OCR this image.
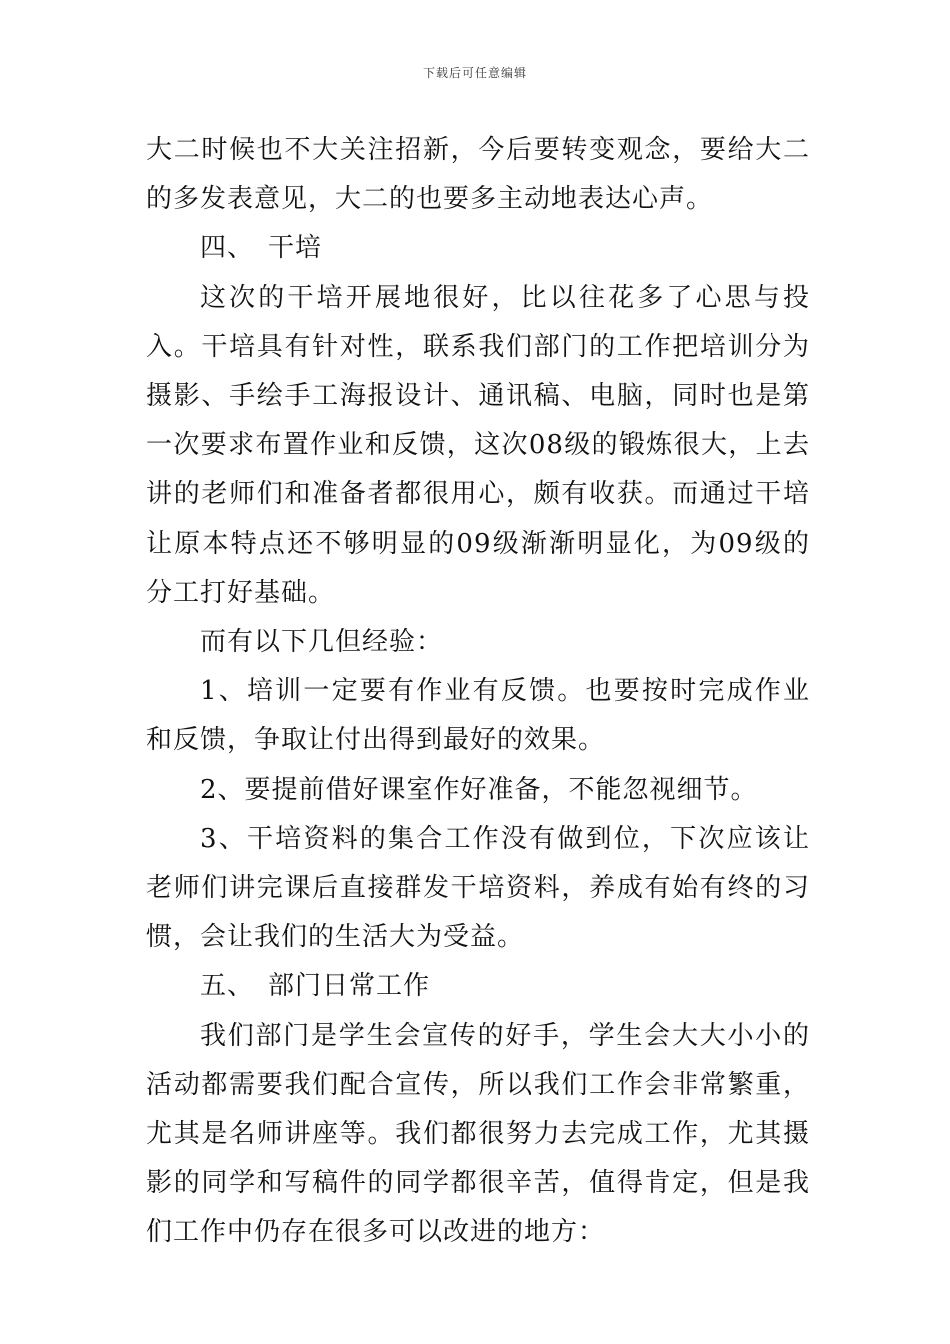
下载后可任意编辑

大二时候也不大关注招新，今后要转变观念，要给大二的多发表意见，大二的也要多主动地表达心声。

四、　干培

这次的干培开展地很好，比以往花多了心思与投入。干培具有针对性，联系我们部门的工作把培训分为摄影、手绘手工海报设计、通讯稿、电脑，同时也是第一次要求布置作业和反馈，这次08级的锻炼很大，上去讲的老师们和准备者都很用心，颇有收获。而通过干培让原本特点还不够明显的09级渐渐明显化，为09级的分工打好基础。

而有以下几但经验：

1、培训一定要有作业有反馈。也要按时完成作业和反馈，争取让付出得到最好的效果。

2、要提前借好课室作好准备，不能忽视细节。

3、干培资料的集合工作没有做到位，下次应该让老师们讲完课后直接群发干培资料，养成有始有终的习惯，会让我们的生活大为受益。

五、　部门日常工作

我们部门是学生会宣传的好手，学生会大大小小的活动都需要我们配合宣传，所以我们工作会非常繁重，尤其是名师讲座等。我们都很努力去完成工作，尤其摄影的同学和写稿件的同学都很辛苦，值得肯定，但是我们工作中仍存在很多可以改进的地方：
